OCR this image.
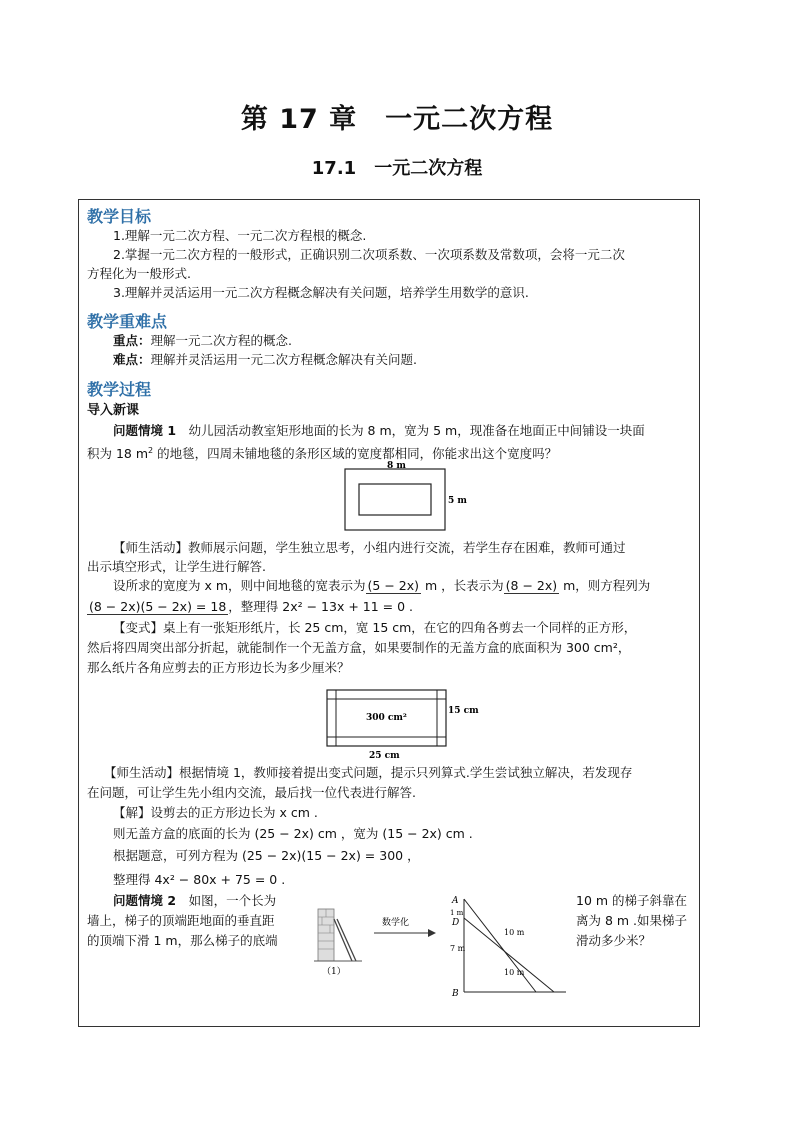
第 17 章　一元二次方程
17.1　一元二次方程
教学目标
1.理解一元二次方程、一元二次方程根的概念.
2.掌握一元二次方程的一般形式，正确识别二次项系数、一次项系数及常数项，会将一元二次
方程化为一般形式.
3.理解并灵活运用一元二次方程概念解决有关问题，培养学生用数学的意识.
教学重难点
重点：理解一元二次方程的概念.
难点：理解并灵活运用一元二次方程概念解决有关问题.
教学过程
导入新课
问题情境 1　 幼儿园活动教室矩形地面的长为 8 m，宽为 5 m，现准备在地面正中间铺设一块面
积为 18 $m^2$ 的地毯，四周未铺地毯的条形区域的宽度都相同，你能求出这个宽度吗？
8 m
5 m
【师生活动】教师展示问题，学生独立思考，小组内进行交流，若学生存在困难，教师可通过
出示填空形式，让学生进行解答.
设所求的宽度为 x m，则中间地毯的宽表示为 (5 − 2x) m ，长表示为 (8 − 2x) m，则方程列为
(8 − 2x)(5 − 2x) = 18 ，整理得 2x² − 13x + 11 = 0 .
【变式】桌上有一张矩形纸片，长 25 cm，宽 15 cm，在它的四角各剪去一个同样的正方形，
然后将四周突出部分折起，就能制作一个无盖方盒，如果要制作的无盖方盒的底面积为 300 cm²，
那么纸片各角应剪去的正方形边长为多少厘米？
300 cm²
15 cm
25 cm
【师生活动】根据情境 1，教师接着提出变式问题，提示只列算式.学生尝试独立解决，若发现存
在问题，可让学生先小组内交流，最后找一位代表进行解答.
【解】设剪去的正方形边长为 x cm .
则无盖方盒的底面的长为 (25 − 2x) cm ，宽为 (15 − 2x) cm .
根据题意，可列方程为 (25 − 2x)(15 − 2x) = 300 ，
整理得 4x² − 80x + 75 = 0 .
问题情境 2　 如图，一个长为
墙上，梯子的顶端距地面的垂直距
的顶端下滑 1 m，那么梯子的底端
10 m 的梯子斜靠在
离为 8 m .如果梯子
滑动多少米？
（1）
数学化
A
1 m
D
7 m
B
10 m
10 m
